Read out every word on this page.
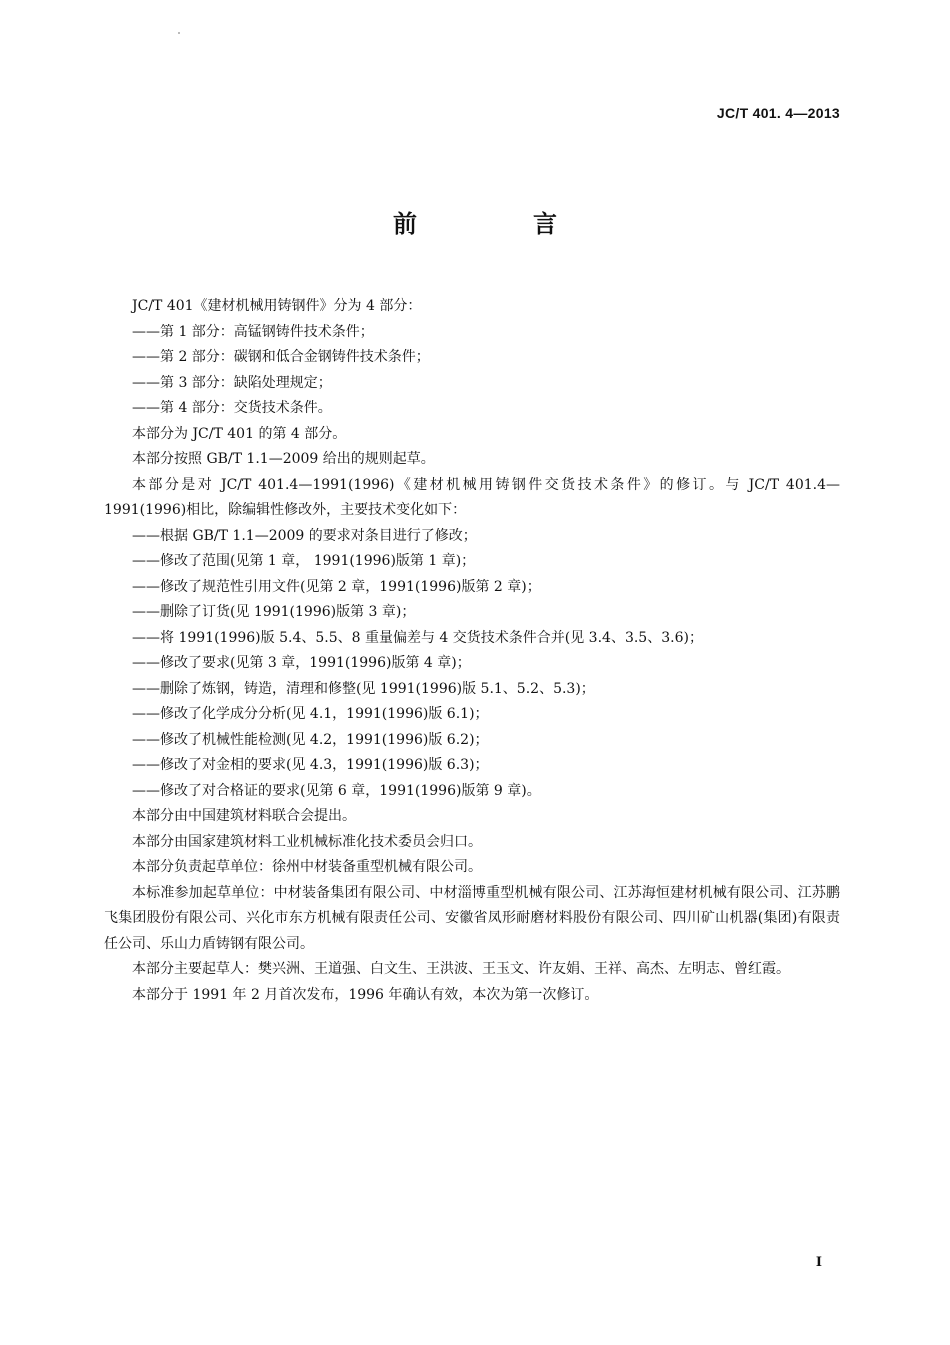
JC/T 401. 4—2013
前　言

JC/T 401《建材机械用铸钢件》分为 4 部分：

——第 1 部分：高锰钢铸件技术条件；

——第 2 部分：碳钢和低合金钢铸件技术条件；

——第 3 部分：缺陷处理规定；

——第 4 部分：交货技术条件。

本部分为 JC/T 401 的第 4 部分。

本部分按照 GB/T 1.1—2009 给出的规则起草。

本部分是对 JC/T 401.4—1991(1996)《建材机械用铸钢件交货技术条件》的修订。与 JC/T 401.4—1991(1996)相比，除编辑性修改外，主要技术变化如下：

——根据 GB/T 1.1—2009 的要求对条目进行了修改；

——修改了范围(见第 1 章， 1991(1996)版第 1 章)；

——修改了规范性引用文件(见第 2 章，1991(1996)版第 2 章)；

——删除了订货(见 1991(1996)版第 3 章)；

——将 1991(1996)版 5.4、5.5、8 重量偏差与 4 交货技术条件合并(见 3.4、3.5、3.6)；

——修改了要求(见第 3 章，1991(1996)版第 4 章)；

——删除了炼钢，铸造，清理和修整(见 1991(1996)版 5.1、5.2、5.3)；

——修改了化学成分分析(见 4.1，1991(1996)版 6.1)；

——修改了机械性能检测(见 4.2，1991(1996)版 6.2)；

——修改了对金相的要求(见 4.3，1991(1996)版 6.3)；

——修改了对合格证的要求(见第 6 章，1991(1996)版第 9 章)。

本部分由中国建筑材料联合会提出。

本部分由国家建筑材料工业机械标准化技术委员会归口。

本部分负责起草单位：徐州中材装备重型机械有限公司。

本标准参加起草单位：中材装备集团有限公司、中材淄博重型机械有限公司、江苏海恒建材机械有限公司、江苏鹏飞集团股份有限公司、兴化市东方机械有限责任公司、安徽省凤形耐磨材料股份有限公司、四川矿山机器(集团)有限责任公司、乐山力盾铸钢有限公司。

本部分主要起草人：樊兴洲、王道强、白文生、王洪波、王玉文、许友娟、王祥、高杰、左明志、曾红霞。

本部分于 1991 年 2 月首次发布，1996 年确认有效，本次为第一次修订。

I
